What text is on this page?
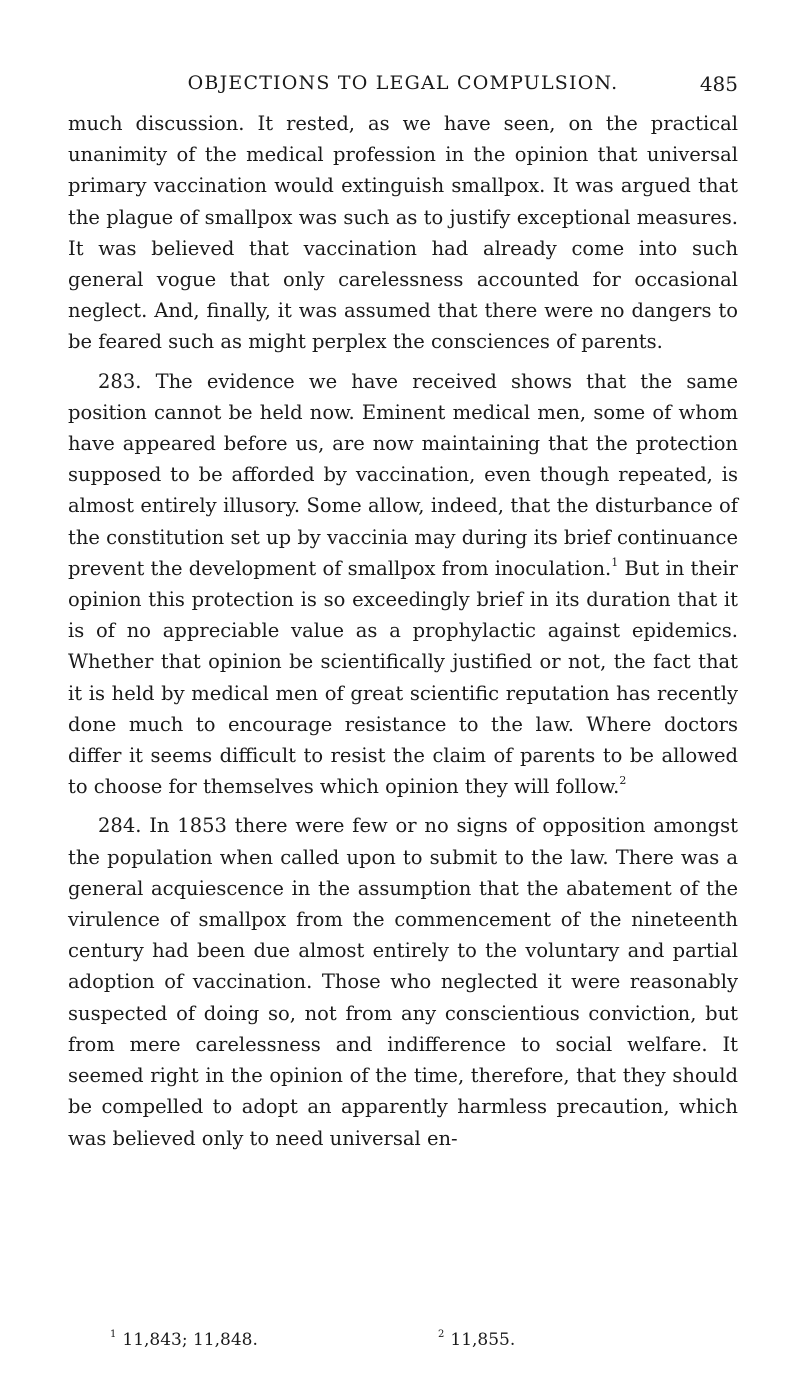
OBJECTIONS TO LEGAL COMPULSION.	485

much discussion. It rested, as we have seen, on the practical unanimity of the medical profession in the opinion that universal primary vaccination would extinguish smallpox. It was argued that the plague of smallpox was such as to justify exceptional measures. It was believed that vaccination had already come into such general vogue that only carelessness accounted for occasional neglect. And, finally, it was assumed that there were no dangers to be feared such as might perplex the consciences of parents.

283. The evidence we have received shows that the same position cannot be held now. Eminent medical men, some of whom have appeared before us, are now maintaining that the protection supposed to be afforded by vaccination, even though repeated, is almost entirely illusory. Some allow, indeed, that the disturbance of the constitution set up by vaccinia may during its brief continuance prevent the development of smallpox from inoculation.$^1$ But in their opinion this protection is so exceedingly brief in its duration that it is of no appreciable value as a prophylactic against epidemics. Whether that opinion be scientifically justified or not, the fact that it is held by medical men of great scientific reputation has recently done much to encourage resistance to the law. Where doctors differ it seems difficult to resist the claim of parents to be allowed to choose for themselves which opinion they will follow.$^2$

284. In 1853 there were few or no signs of opposition amongst the population when called upon to submit to the law. There was a general acquiescence in the assumption that the abatement of the virulence of smallpox from the commencement of the nineteenth century had been due almost entirely to the voluntary and partial adoption of vaccination. Those who neglected it were reasonably suspected of doing so, not from any conscientious conviction, but from mere carelessness and indifference to social welfare. It seemed right in the opinion of the time, therefore, that they should be compelled to adopt an apparently harmless precaution, which was believed only to need universal en-

$^1$ 11,843; 11,848.	$^2$ 11,855.
